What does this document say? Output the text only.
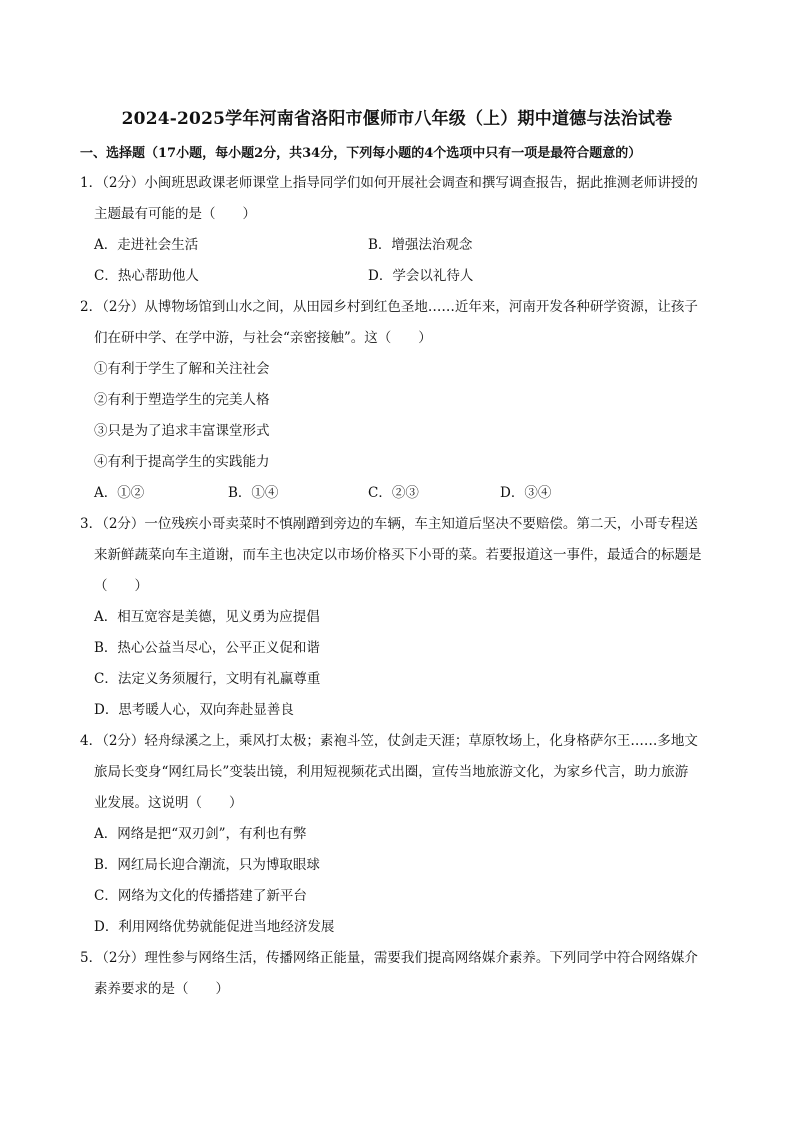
2024-2025学年河南省洛阳市偃师市八年级（上）期中道德与法治试卷
一、选择题（17小题，每小题2分，共34分，下列每小题的4个选项中只有一项是最符合题意的）
1．（2分）小闽班思政课老师课堂上指导同学们如何开展社会调查和撰写调查报告，据此推测老师讲授的
主题最有可能的是（　　）
A．走进社会生活	B．增强法治观念
C．热心帮助他人	D．学会以礼待人
2．（2分）从博物场馆到山水之间，从田园乡村到红色圣地……近年来，河南开发各种研学资源，让孩子
们在研中学、在学中游，与社会“亲密接触”。这（　　）
①有利于学生了解和关注社会
②有利于塑造学生的完美人格
③只是为了追求丰富课堂形式
④有利于提高学生的实践能力
A．①②	B．①④	C．②③	D．③④
3．（2分）一位残疾小哥卖菜时不慎剐蹭到旁边的车辆，车主知道后坚决不要赔偿。第二天，小哥专程送
来新鲜蔬菜向车主道谢，而车主也决定以市场价格买下小哥的菜。若要报道这一事件，最适合的标题是
（　　）
A．相互宽容是美德，见义勇为应提倡
B．热心公益当尽心，公平正义促和谐
C．法定义务须履行，文明有礼赢尊重
D．思考暖人心，双向奔赴显善良
4．（2分）轻舟绿溪之上，乘风打太极；素袍斗笠，仗剑走天涯；草原牧场上，化身格萨尔王……多地文
旅局长变身“网红局长”变装出镜，利用短视频花式出圈，宣传当地旅游文化，为家乡代言，助力旅游
业发展。这说明（　　）
A．网络是把“双刃剑”，有利也有弊
B．网红局长迎合潮流，只为博取眼球
C．网络为文化的传播搭建了新平台
D．利用网络优势就能促进当地经济发展
5．（2分）理性参与网络生活，传播网络正能量，需要我们提高网络媒介素养。下列同学中符合网络媒介
素养要求的是（　　）
